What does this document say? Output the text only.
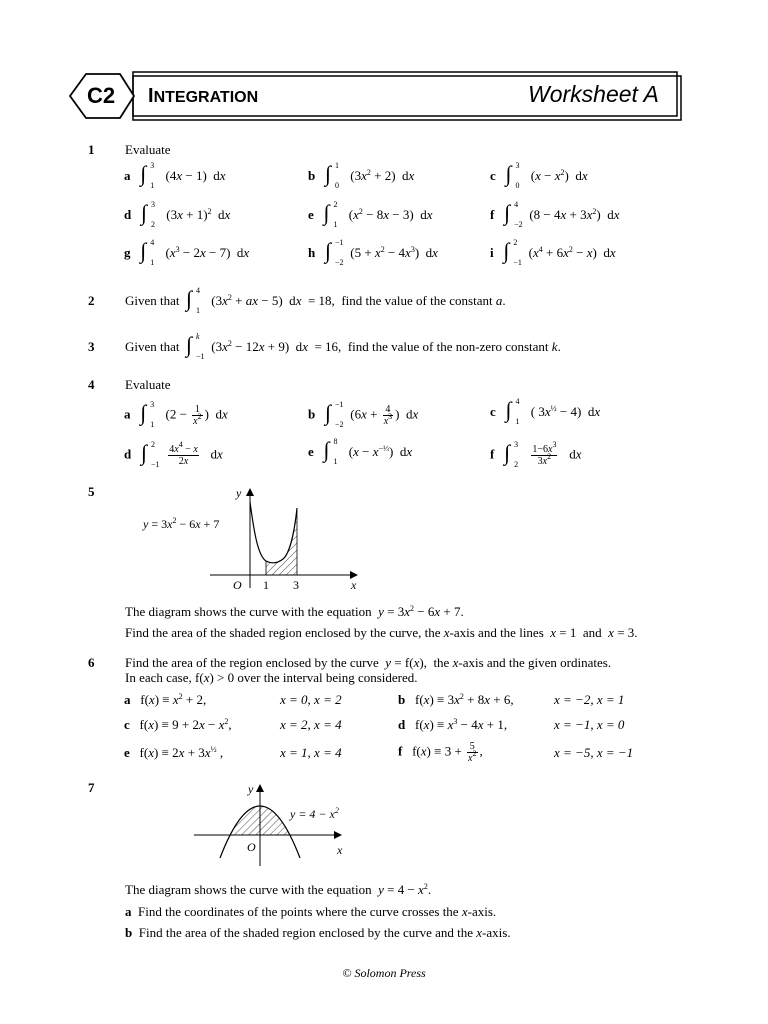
C2 INTEGRATION	Worksheet A
1 Evaluate
a ∫ 3
1
(4x − 1)  dx	b ∫ 1
0
$(3x^2 + 2)$  dx	c ∫ 3
0
$(x - x^2)$  dx
d ∫ 3
2
$(3x + 1)^2$  dx	e ∫ 2
1
$(x^2 - 8x - 3)$  dx	f ∫ 4
−2
$(8 - 4x + 3x^2)$  dx
g ∫ 4
1
$(x^3 - 2x - 7)$  dx	h ∫ −1
−2
$(5 + x^2 - 4x^3)$  dx	i ∫ 2
−1
$(x^4 + 6x^2 - x)$  dx
2 Given that ∫ 4
1
($3x^2$ + ax − 5)  dx = 18, find the value of the constant a.
3 Given that ∫ k
−1
$(3x^2 - 12x + 9)$  dx = 16, find the value of the non-zero constant k.
4 Evaluate
a ∫ 3
1
($2 - \frac{1}{x^2}$ )  dx	b ∫ −1
−2
($6x + \frac{4}{x^3}$ )  dx	c ∫ 4
1
( $3x^{\frac{1}{2}} - 4$)  dx
d ∫ 2
−1
$\frac{4x^4 - x}{2x}$ dx	e ∫ 8
1
$(x - x^{-\frac{1}{3}})$  dx	f ∫ 3
2
$\frac{1-6x^3}{3x^2}$ dx
5	y
x
O 1 3
$y = 3x^2 - 6x + 7$
The diagram shows the curve with the equation $y = 3x^2 - 6x + 7$.
Find the area of the shaded region enclosed by the curve, the x-axis and the lines x = 1  and x = 3.
6 Find the area of the region enclosed by the curve y = f(x),  the x-axis and the given ordinates.
In each case, f(x) > 0 over the interval being considered.
a   $f(x) \equiv x^2 + 2$,	x = 0, x = 2	b   $f(x) \equiv 3x^2 + 8x + 6$,	x = −2, x = 1
c   $f(x) \equiv 9 + 2x - x^2$,	x = 2, x = 4	d   $f(x) \equiv x^3 - 4x + 1$,	x = −1, x = 0
e   $f(x) \equiv 2x + 3x^{\frac{1}{2}}$ ,	x = 1, x = 4	f   $f(x) \equiv 3 + \frac{5}{x^2}$ ,	x = −5, x = −1
7	y
x
O
$y = 4 - x^2$
The diagram shows the curve with the equation $y = 4 - x^2$.
a Find the coordinates of the points where the curve crosses the x-axis.
b Find the area of the shaded region enclosed by the curve and the x-axis.
© Solomon Press
